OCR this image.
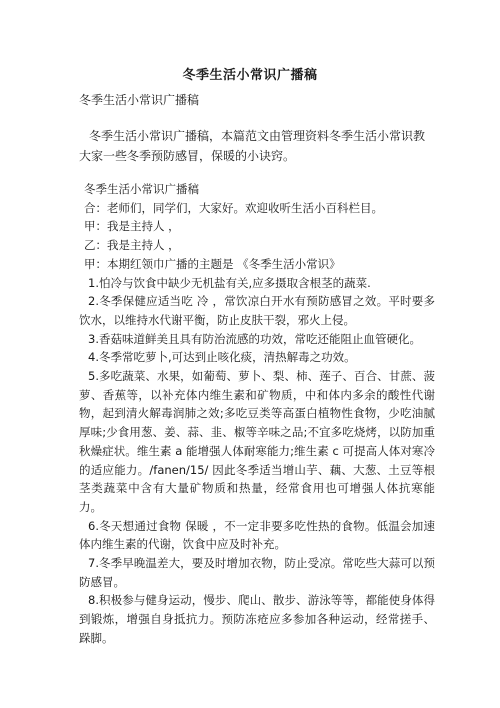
冬季生活小常识广播稿
冬季生活小常识广播稿
冬季生活小常识广播稿，本篇范文由管理资料冬季生活小常识教大家一些冬季预防感冒，保暖的小诀窍。

冬季生活小常识广播稿

合：老师们，同学们，大家好。欢迎收听生活小百科栏目。

甲：我是主持人 ，

乙：我是主持人 ，

甲：本期红领巾广播的主题是 《冬季生活小常识》

1.怕冷与饮食中缺少无机盐有关,应多摄取含根茎的蔬菜.

2.冬季保健应适当吃 冷 ，常饮凉白开水有预防感冒之效。平时要多饮水，以维持水代谢平衡，防止皮肤干裂，邪火上侵。

3.香菇味道鲜美且具有防治流感的功效，常吃还能阻止血管硬化。

4.冬季常吃萝卜,可达到止咳化痰，清热解毒之功效。

5.多吃蔬菜、水果，如葡萄、萝卜、梨、柿、莲子、百合、甘蔗、菠萝、香蕉等，以补充体内维生素和矿物质，中和体内多余的酸性代谢物，起到清火解毒润肺之效;多吃豆类等高蛋白植物性食物，少吃油腻厚味;少食用葱、姜、蒜、韭、椒等辛味之品;不宜多吃烧烤，以防加重秋燥症状。维生素 a 能增强人体耐寒能力;维生素 c 可提高人体对寒冷的适应能力。/fanen/15/ 因此冬季适当增山芋、藕、大葱、土豆等根茎类蔬菜中含有大量矿物质和热量，经常食用也可增强人体抗寒能力。

6.冬天想通过食物 保暖 ，不一定非要多吃性热的食物。低温会加速体内维生素的代谢，饮食中应及时补充。

7.冬季早晚温差大，要及时增加衣物，防止受凉。常吃些大蒜可以预防感冒。

8.积极参与健身运动，慢步、爬山、散步、游泳等等，都能使身体得到锻炼，增强自身抵抗力。预防冻疮应多参加各种运动，经常搓手、跺脚。
